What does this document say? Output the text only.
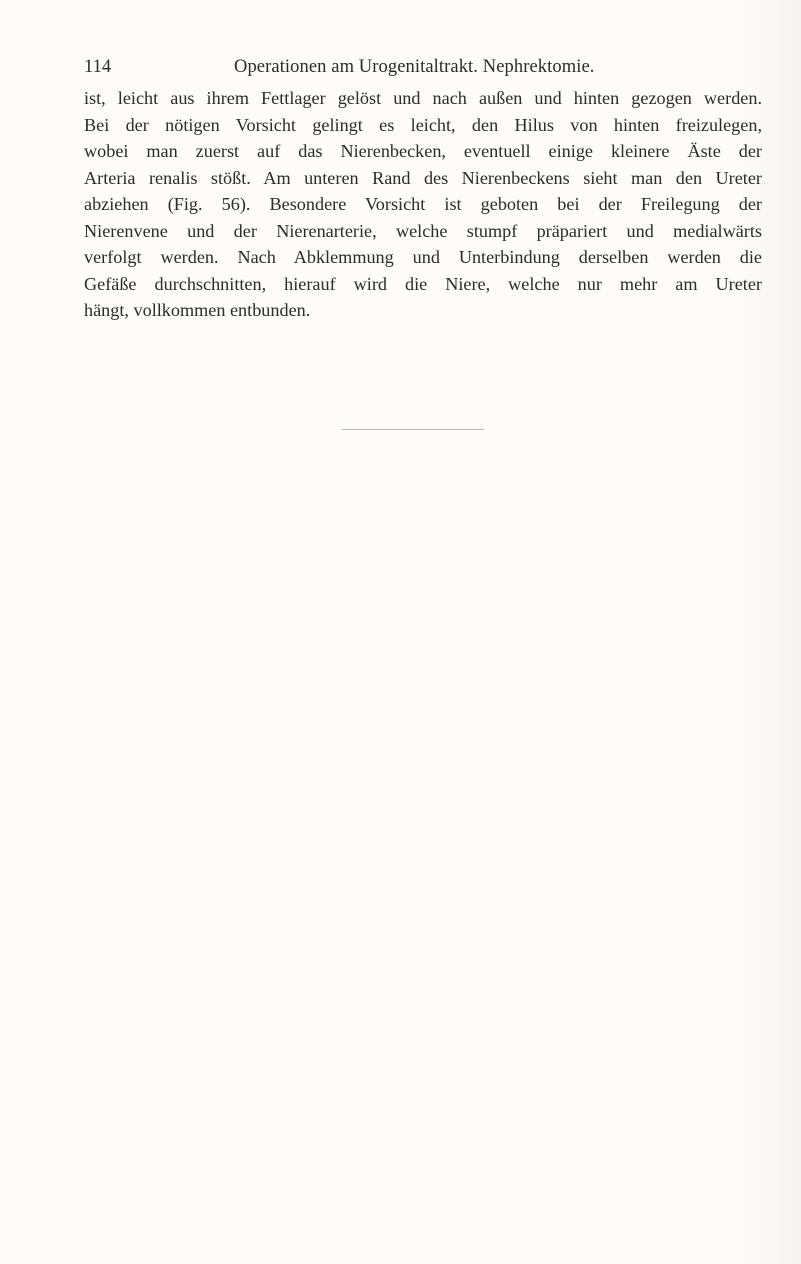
114	Operationen am Urogenitaltrakt. Nephrektomie.
ist, leicht aus ihrem Fettlager gelöst und nach außen und hinten gezogen werden.
Bei der nötigen Vorsicht gelingt es leicht, den Hilus von hinten freizulegen,
wobei man zuerst auf das Nierenbecken, eventuell einige kleinere Äste der
Arteria renalis stößt. Am unteren Rand des Nierenbeckens sieht man den Ureter
abziehen (Fig. 56). Besondere Vorsicht ist geboten bei der Freilegung der
Nierenvene und der Nierenarterie, welche stumpf präpariert und medialwärts
verfolgt werden. Nach Abklemmung und Unterbindung derselben werden die
Gefäße durchschnitten, hierauf wird die Niere, welche nur mehr am Ureter
hängt, vollkommen entbunden.
